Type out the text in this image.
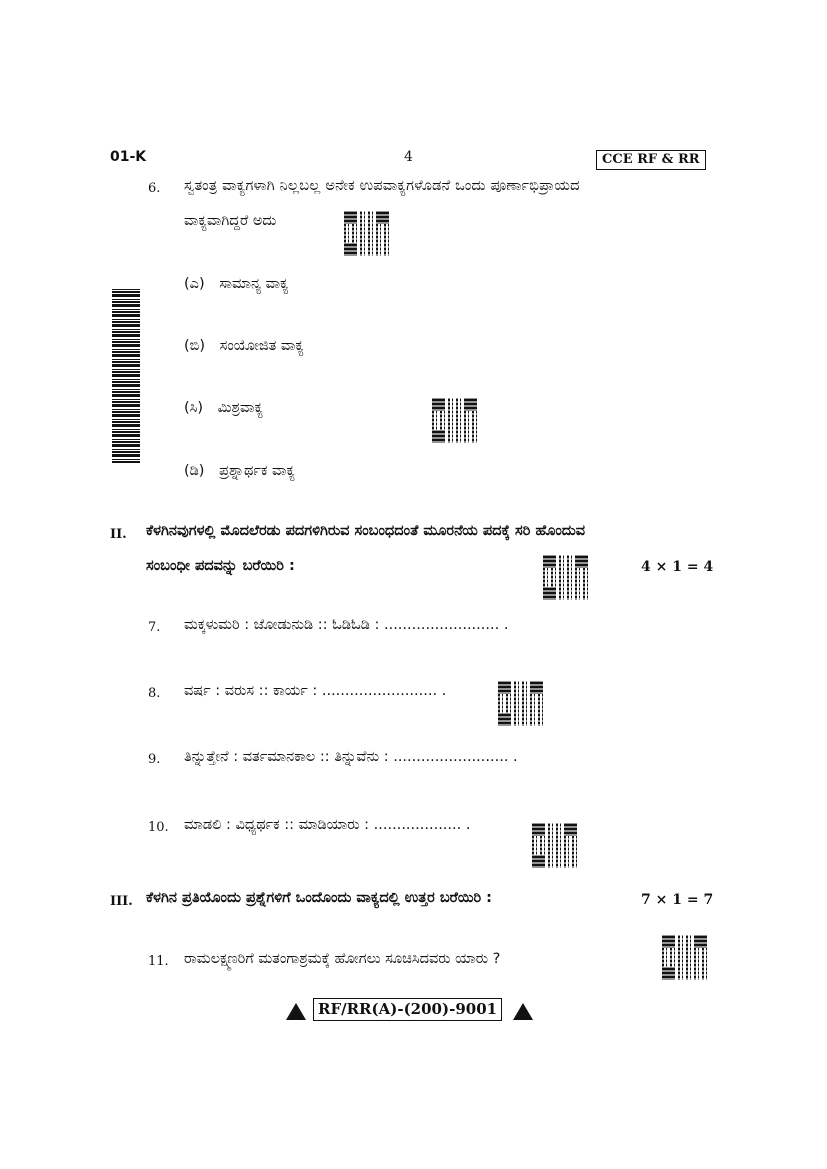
01-K	4	CCE RF & RR
6. ಸ್ವತಂತ್ರ ವಾಕ್ಯಗಳಾಗಿ ನಿಲ್ಲಬಲ್ಲ ಅನೇಕ ಉಪವಾಕ್ಯಗಳೊಡನೆ ಒಂದು ಪೂರ್ಣಾಭಿಪ್ರಾಯದ
ವಾಕ್ಯವಾಗಿದ್ದರೆ ಅದು
(ಎ) ಸಾಮಾನ್ಯ ವಾಕ್ಯ
(ಬಿ) ಸಂಯೋಜಿತ ವಾಕ್ಯ
(ಸಿ) ಮಿಶ್ರವಾಕ್ಯ
(ಡಿ) ಪ್ರಶ್ನಾರ್ಥಕ ವಾಕ್ಯ
II. ಕೆಳಗಿನವುಗಳಲ್ಲಿ ಮೊದಲೆರಡು ಪದಗಳಿಗಿರುವ ಸಂಬಂಧದಂತೆ ಮೂರನೆಯ ಪದಕ್ಕೆ ಸರಿ ಹೊಂದುವ
ಸಂಬಂಧೀ ಪದವನ್ನು ಬರೆಯಿರಿ :	4 × 1 = 4
7. ಮಕ್ಕಳುಮರಿ : ಜೋಡುನುಡಿ :: ಓಡಿಓಡಿ : ......................... .
8. ವರ್ಷ : ವರುಸ :: ಕಾರ್ಯ : ......................... .
9. ತಿನ್ನುತ್ತೇನೆ : ವರ್ತಮಾನಕಾಲ :: ತಿನ್ನುವೆನು : ......................... .
10. ಮಾಡಲಿ : ವಿಧ್ಯರ್ಥಕ :: ಮಾಡಿಯಾರು : ................... .
III. ಕೆಳಗಿನ ಪ್ರತಿಯೊಂದು ಪ್ರಶ್ನೆಗಳಿಗೆ ಒಂದೊಂದು ವಾಕ್ಯದಲ್ಲಿ ಉತ್ತರ ಬರೆಯಿರಿ :	7 × 1 = 7
11. ರಾಮಲಕ್ಷ್ಮಣರಿಗೆ ಮತಂಗಾಶ್ರಮಕ್ಕೆ ಹೋಗಲು ಸೂಚಿಸಿದವರು ಯಾರು ?
RF/RR(A)-(200)-9001
